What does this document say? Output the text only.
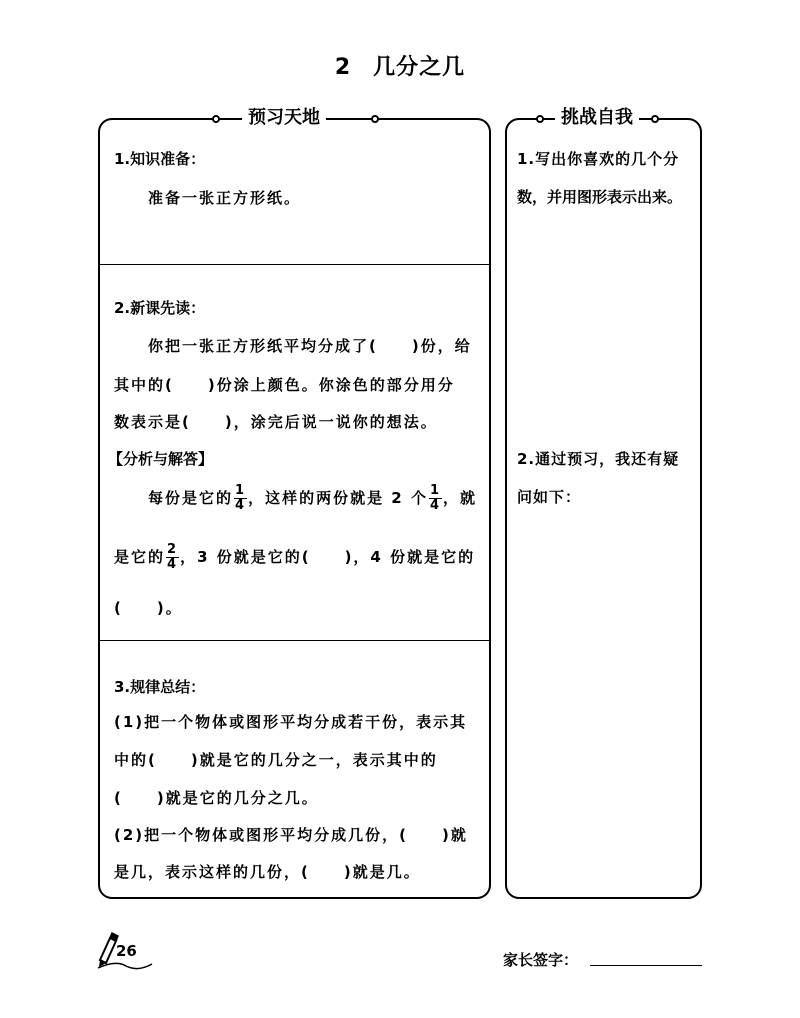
2 几分之几
预习天地	挑战自我
1.知识准备：
准备一张正方形纸。
2.新课先读：
你把一张正方形纸平均分成了(　　)份，给
其中的(　　)份涂上颜色。你涂色的部分用分
数表示是(　　)，涂完后说一说你的想法。
【分析与解答】
每份是它的 $\frac{1}{4}$ ，这样的两份就是 2 个 $\frac{1}{4}$ ，就
是它的 $\frac{2}{4}$ ，3 份就是它的(　　)，4 份就是它的
(　　)。
3.规律总结：
(1)把一个物体或图形平均分成若干份，表示其
中的(　　)就是它的几分之一，表示其中的
(　　)就是它的几分之几。
(2)把一个物体或图形平均分成几份，(　　)就
是几，表示这样的几份，(　　)就是几。
1.写出你喜欢的几个分
数，并用图形表示出来。
2.通过预习，我还有疑
问如下：
26	家长签字：
